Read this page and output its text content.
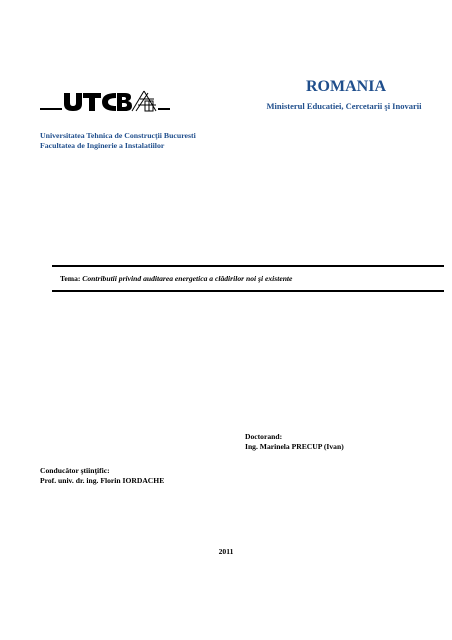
ROMANIA
Ministerul Educatiei, Cercetarii şi Inovarii
Universitatea Tehnica de Construcţii Bucuresti
Facultatea de Inginerie a Instalatiilor
Tema: Contributii privind auditarea energetica a clădirilor noi şi existente
Doctorand:
Ing. Marinela PRECUP (Ivan)
Conducător ştiinţific:
Prof. univ. dr. ing. Florin IORDACHE
2011
